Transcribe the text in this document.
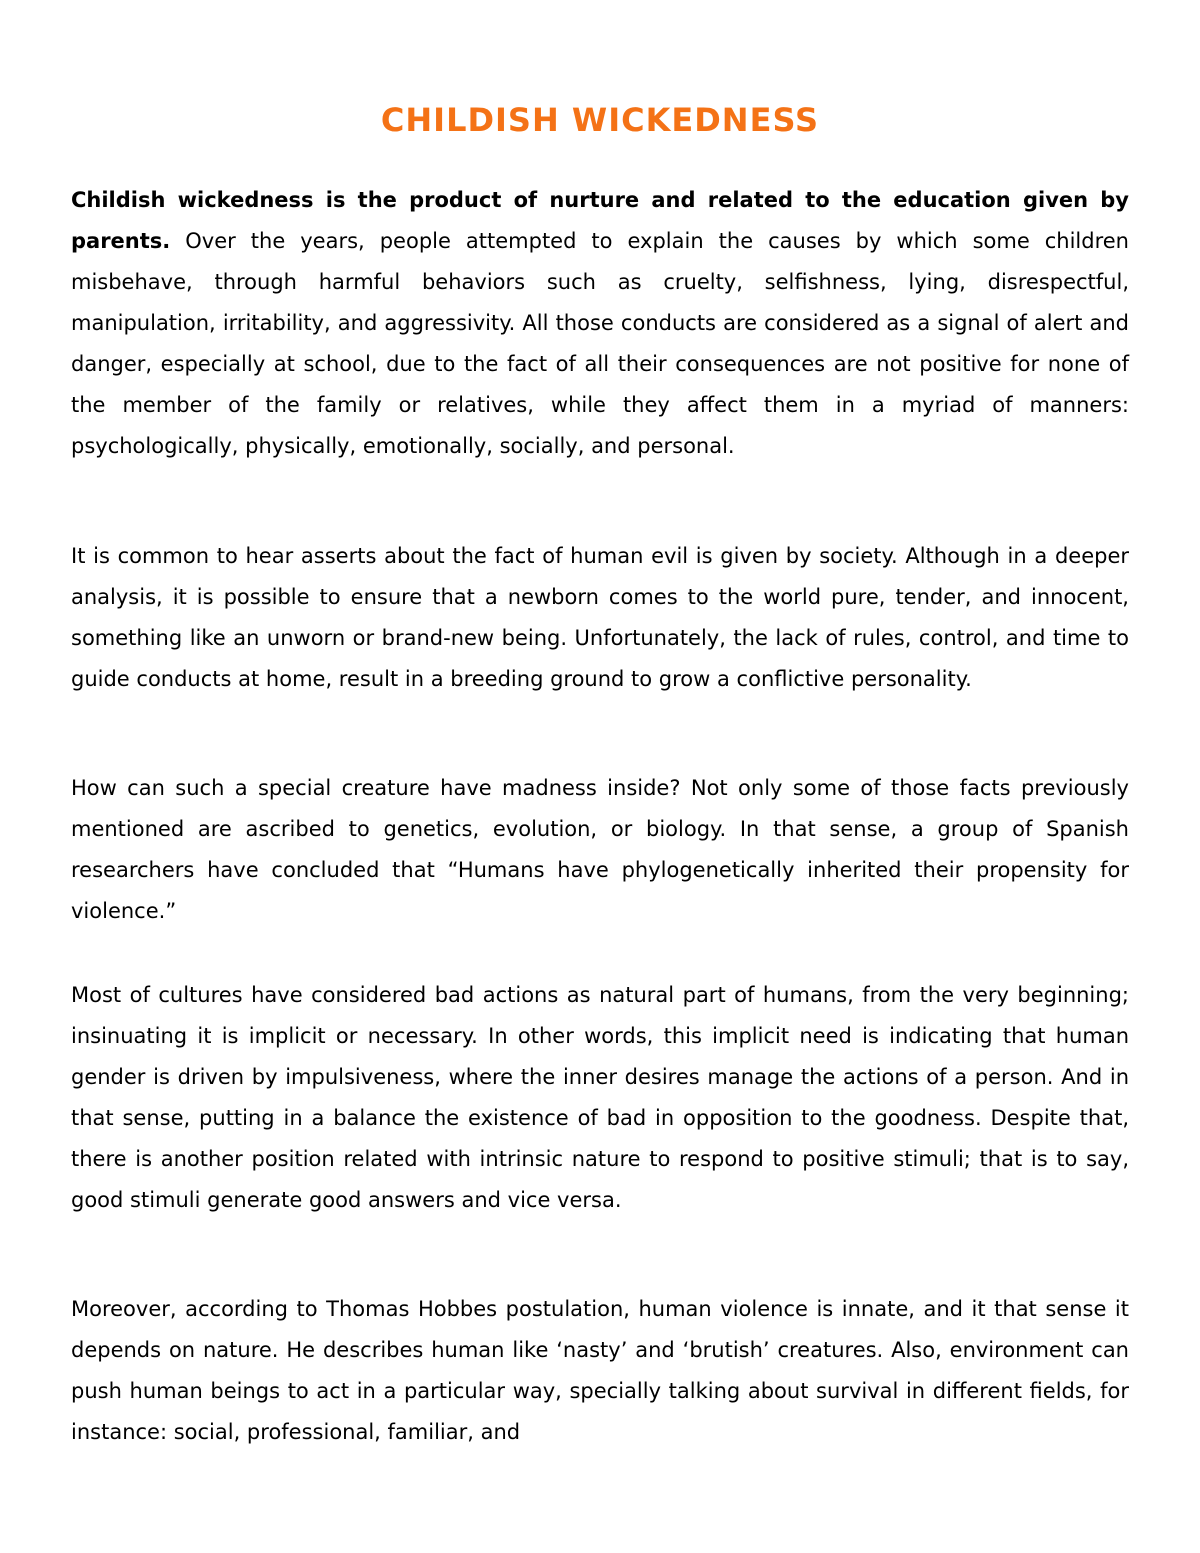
CHILDISH WICKEDNESS

Childish wickedness is the product of nurture and related to the education given by parents. Over the years, people attempted to explain the causes by which some children misbehave, through harmful behaviors such as cruelty, selfishness, lying, disrespectful, manipulation, irritability, and aggressivity. All those conducts are considered as a signal of alert and danger, especially at school, due to the fact of all their consequences are not positive for none of the member of the family or relatives, while they affect them in a myriad of manners: psychologically, physically, emotionally, socially, and personal.

It is common to hear asserts about the fact of human evil is given by society. Although in a deeper analysis, it is possible to ensure that a newborn comes to the world pure, tender, and innocent, something like an unworn or brand-new being. Unfortunately, the lack of rules, control, and time to guide conducts at home, result in a breeding ground to grow a conflictive personality.

How can such a special creature have madness inside? Not only some of those facts previously mentioned are ascribed to genetics, evolution, or biology. In that sense, a group of Spanish researchers have concluded that “Humans have phylogenetically inherited their propensity for violence.”

Most of cultures have considered bad actions as natural part of humans, from the very beginning; insinuating it is implicit or necessary. In other words, this implicit need is indicating that human gender is driven by impulsiveness, where the inner desires manage the actions of a person. And in that sense, putting in a balance the existence of bad in opposition to the goodness. Despite that, there is another position related with intrinsic nature to respond to positive stimuli; that is to say, good stimuli generate good answers and vice versa.

Moreover, according to Thomas Hobbes postulation, human violence is innate, and it that sense it depends on nature. He describes human like ‘nasty’ and ‘brutish’ creatures. Also, environment can push human beings to act in a particular way, specially talking about survival in different fields, for instance: social, professional, familiar, and
